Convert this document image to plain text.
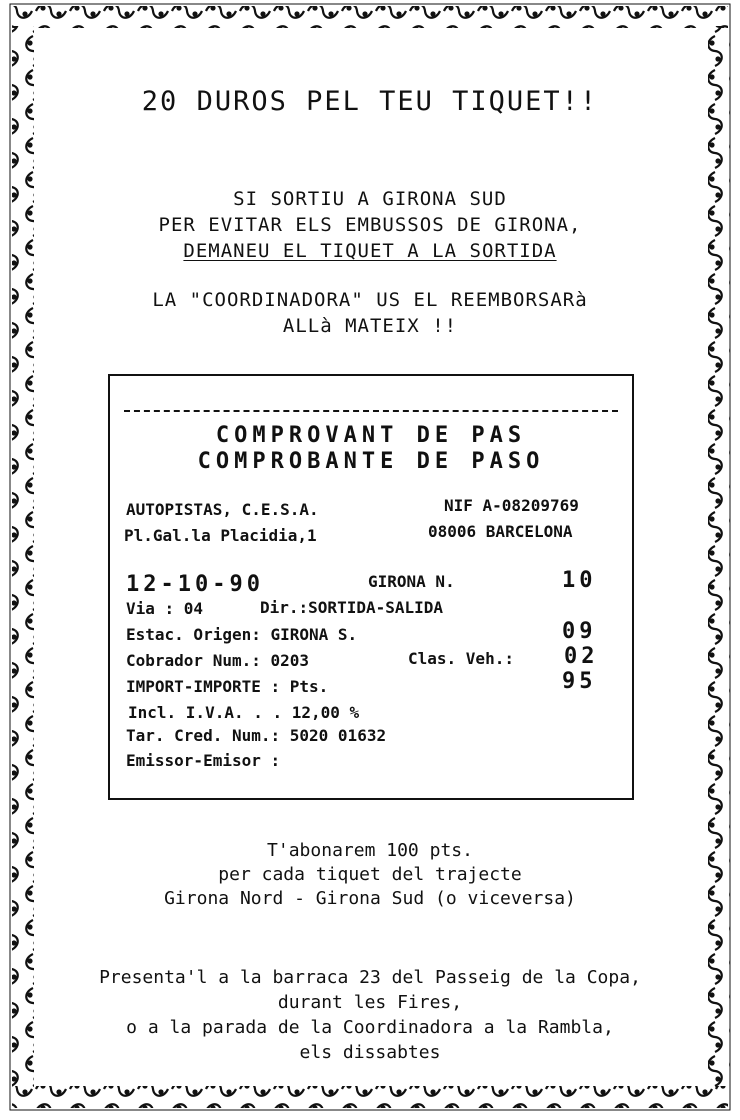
20 DUROS PEL TEU TIQUET!!
SI SORTIU A GIRONA SUD
PER EVITAR ELS EMBUSSOS DE GIRONA,
DEMANEU EL TIQUET A LA SORTIDA
LA "COORDINADORA" US EL REEMBORSARà
ALLà MATEIX !!
COMPROVANT DE PAS
COMPROBANTE DE PASO
AUTOPISTAS, C.E.S.A.	NIF A-08209769
Pl.Gal.la Placidia,1	08006 BARCELONA
12-10-90	GIRONA N.	10
Via : 04	Dir.:SORTIDA-SALIDA
Estac. Origen: GIRONA S.	09
Cobrador Num.: 0203	Clas. Veh.: 02
IMPORT-IMPORTE : Pts.	95
Incl. I.V.A. . . 12,00 %
Tar. Cred. Num.: 5020 01632
Emissor-Emisor :
T'abonarem 100 pts.
per cada tiquet del trajecte
Girona Nord - Girona Sud (o viceversa)
Presenta'l a la barraca 23 del Passeig de la Copa,
durant les Fires,
o a la parada de la Coordinadora a la Rambla,
els dissabtes
